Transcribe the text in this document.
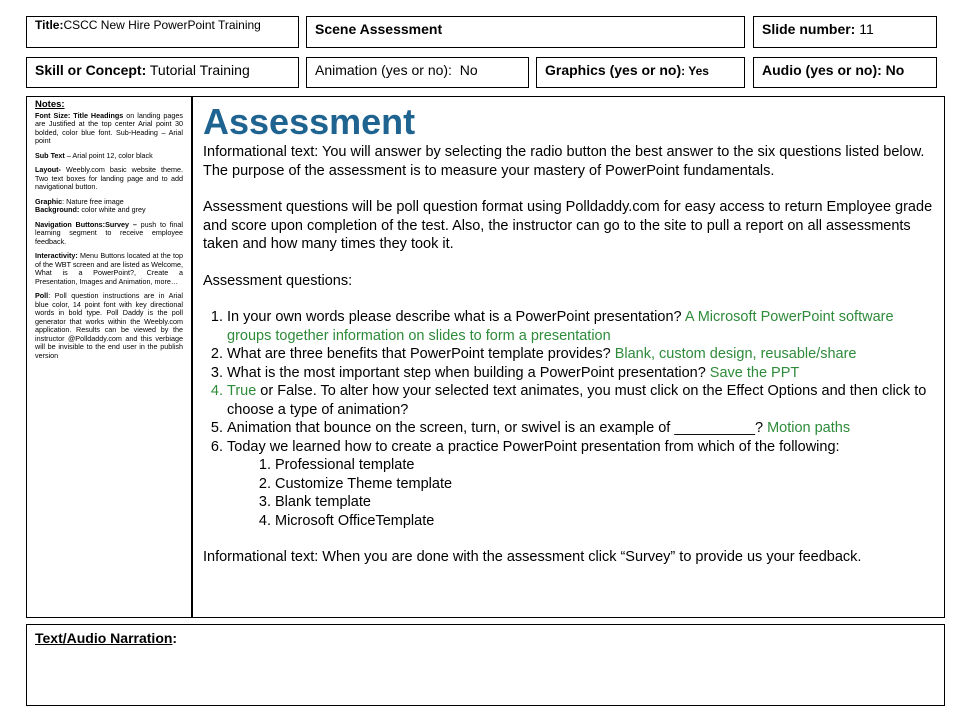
Title:CSCC New Hire PowerPoint Training	Scene Assessment	Slide number: 11
Skill or Concept: Tutorial Training	Animation (yes or no): No	Graphics (yes or no): Yes	Audio (yes or no): No

Notes:

Font Size: Title Headings on landing pages are Justified at the top center Arial point 30 bolded, color blue font. Sub-Heading – Arial point

Sub Text – Arial point 12, color black

Layout- Weebly.com basic website theme. Two text boxes for landing page and to add navigational button.

Graphic: Nature free image
Background: color white and grey

Navigation Buttons:Survey – push to final learning segment to receive employee feedback.

Interactivity: Menu Buttons located at the top of the WBT screen and are listed as Welcome, What is a PowerPoint?, Create a Presentation, Images and Animation, more…

Poll: Poll question instructions are in Arial blue color, 14 point font with key directional words in bold type. Poll Daddy is the poll generator that works within the Weebly.com application. Results can be viewed by the instructor @Polldaddy.com and this verbiage will be invisible to the end user in the publish version

Assessment

Informational text: You will answer by selecting the radio button the best answer to the six questions listed below. The purpose of the assessment is to measure your mastery of PowerPoint fundamentals.

Assessment questions will be poll question format using Polldaddy.com for easy access to return Employee grade and score upon completion of the test. Also, the instructor can go to the site to pull a report on all assessments taken and how many times they took it.

Assessment questions:

1. In your own words please describe what is a PowerPoint presentation? A Microsoft PowerPoint software groups together information on slides to form a presentation
2. What are three benefits that PowerPoint template provides? Blank, custom design, reusable/share
3. What is the most important step when building a PowerPoint presentation? Save the PPT
4. True or False. To alter how your selected text animates, you must click on the Effect Options and then click to choose a type of animation?
5. Animation that bounce on the screen, turn, or swivel is an example of __________? Motion paths
6. Today we learned how to create a practice PowerPoint presentation from which of the following:
1. Professional template
2. Customize Theme template
3. Blank template
4. Microsoft OfficeTemplate

Informational text: When you are done with the assessment click “Survey” to provide us your feedback.

Text/Audio Narration:
